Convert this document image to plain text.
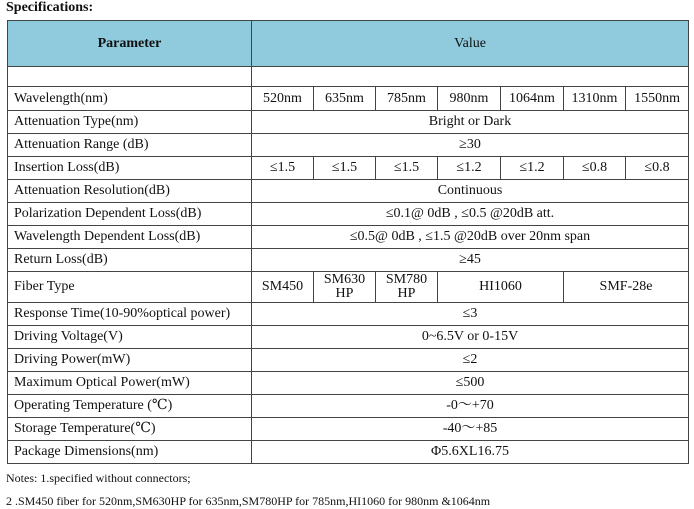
Specifications:
Parameter	Value						

Wavelength(nm)	520nm	635nm	785nm	980nm	1064nm	1310nm	1550nm
Attenuation Type(nm)	Bright or Dark						
Attenuation Range (dB)	≥30						
Insertion Loss(dB)	≤1.5	≤1.5	≤1.5	≤1.2	≤1.2	≤0.8	≤0.8
Attenuation Resolution(dB)	Continuous						
Polarization Dependent Loss(dB)	≤0.1@ 0dB , ≤0.5 @20dB att.						
Wavelength Dependent Loss(dB)	≤0.5@ 0dB , ≤1.5 @20dB over 20nm span						
Return Loss(dB)	≥45						
Fiber Type	SM450	SM630 HP	SM780 HP	HI1060		SMF-28e	
Response Time(10-90%optical power)	≤3						
Driving Voltage(V)	0~6.5V or 0-15V						
Driving Power(mW)	≤2						
Maximum Optical Power(mW)	≤500						
Operating Temperature (℃)	-0～+70						
Storage Temperature(℃)	-40～+85						
Package Dimensions(nm)	Φ5.6XL16.75						
Notes: 1.specified without connectors;
2 .SM450 fiber for 520nm,SM630HP for 635nm,SM780HP for 785nm,HI1060 for 980nm &1064nm
